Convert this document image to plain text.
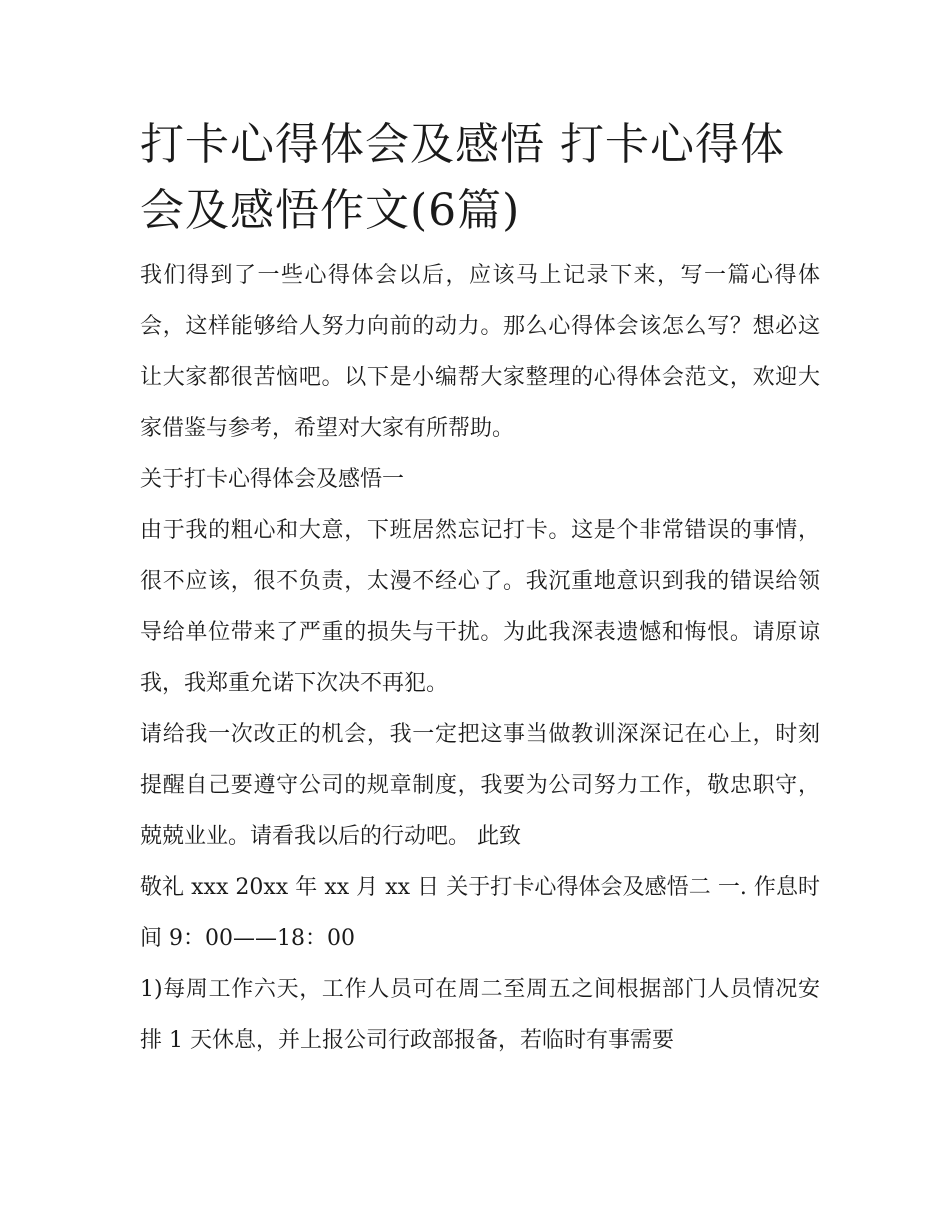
打卡心得体会及感悟 打卡心得体会及感悟作文(6篇)

我们得到了一些心得体会以后，应该马上记录下来，写一篇心得体会，这样能够给人努力向前的动力。那么心得体会该怎么写？想必这让大家都很苦恼吧。以下是小编帮大家整理的心得体会范文，欢迎大家借鉴与参考，希望对大家有所帮助。

关于打卡心得体会及感悟一

由于我的粗心和大意，下班居然忘记打卡。这是个非常错误的事情，很不应该，很不负责，太漫不经心了。我沉重地意识到我的错误给领导给单位带来了严重的损失与干扰。为此我深表遗憾和悔恨。请原谅我，我郑重允诺下次决不再犯。

请给我一次改正的机会，我一定把这事当做教训深深记在心上，时刻提醒自己要遵守公司的规章制度，我要为公司努力工作，敬忠职守，兢兢业业。请看我以后的行动吧。 此致

敬礼 xxx 20xx 年 xx 月 xx 日 关于打卡心得体会及感悟二 一. 作息时间 9：00——18：00

1)每周工作六天，工作人员可在周二至周五之间根据部门人员情况安排 1 天休息，并上报公司行政部报备，若临时有事需要
